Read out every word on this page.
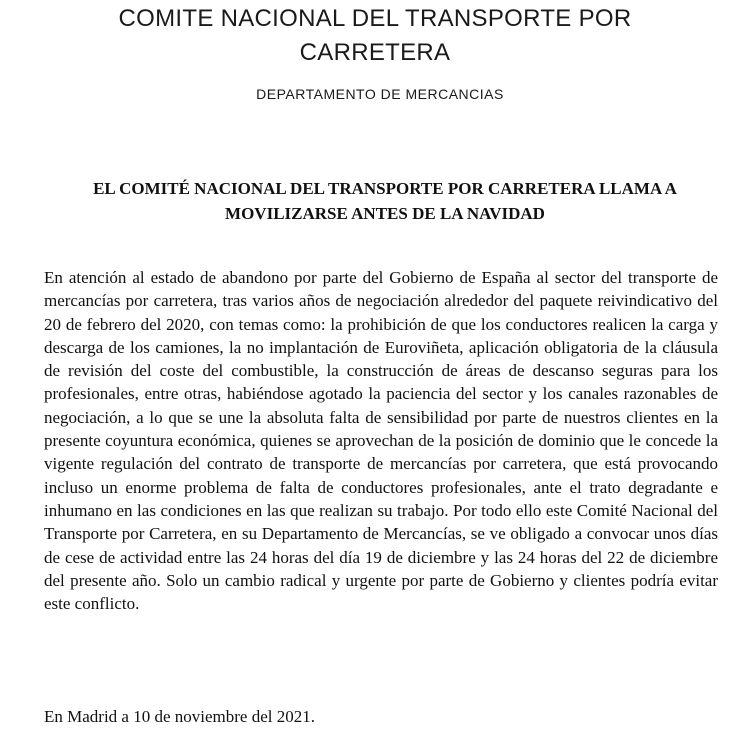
COMITE NACIONAL DEL TRANSPORTE POR
CARRETERA
DEPARTAMENTO DE MERCANCIAS
EL COMITÉ NACIONAL DEL TRANSPORTE POR CARRETERA LLAMA A
MOVILIZARSE ANTES DE LA NAVIDAD

En atención al estado de abandono por parte del Gobierno de España al sector del transporte de mercancías por carretera, tras varios años de negociación alrededor del paquete reivindicativo del 20 de febrero del 2020, con temas como: la prohibición de que los conductores realicen la carga y descarga de los camiones, la no implantación de Euroviñeta, aplicación obligatoria de la cláusula de revisión del coste del combustible, la construcción de áreas de descanso seguras para los profesionales, entre otras, habiéndose agotado la paciencia del sector y los canales razonables de negociación, a lo que se une la absoluta falta de sensibilidad por parte de nuestros clientes en la presente coyuntura económica, quienes se aprovechan de la posición de dominio que le concede la vigente regulación del contrato de transporte de mercancías por carretera, que está provocando incluso un enorme problema de falta de conductores profesionales, ante el trato degradante e inhumano en las condiciones en las que realizan su trabajo. Por todo ello este Comité Nacional del Transporte por Carretera, en su Departamento de Mercancías, se ve obligado a convocar unos días de cese de actividad entre las 24 horas del día 19 de diciembre y las 24 horas del 22 de diciembre del presente año. Solo un cambio radical y urgente por parte de Gobierno y clientes podría evitar este conflicto.

En Madrid a 10 de noviembre del 2021.
